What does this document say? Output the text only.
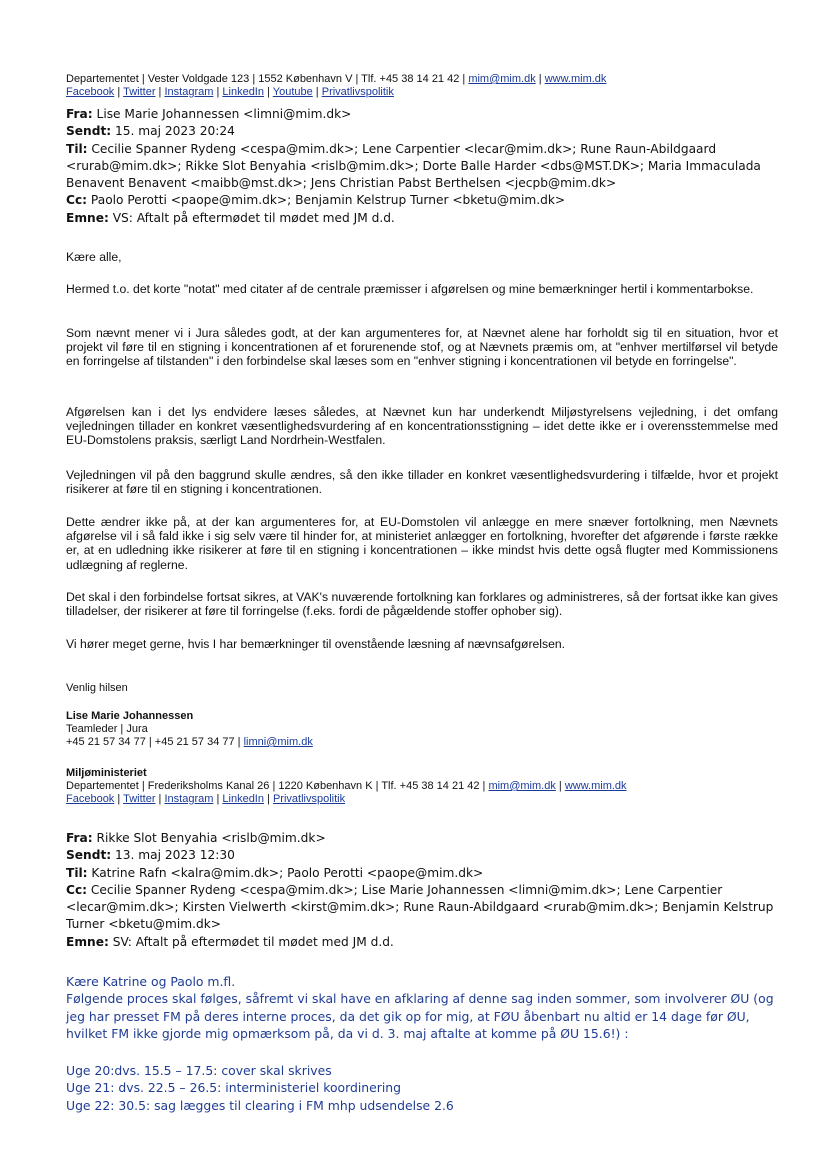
Departementet | Vester Voldgade 123 | 1552 København V | Tlf. +45 38 14 21 42 | mim@mim.dk | www.mim.dk
Facebook | Twitter | Instagram | LinkedIn | Youtube | Privatlivspolitik
Fra: Lise Marie Johannessen <limni@mim.dk>
Sendt: 15. maj 2023 20:24
Til: Cecilie Spanner Rydeng <cespa@mim.dk>; Lene Carpentier <lecar@mim.dk>; Rune Raun-Abildgaard <rurab@mim.dk>; Rikke Slot Benyahia <rislb@mim.dk>; Dorte Balle Harder <dbs@MST.DK>; Maria Immaculada Benavent Benavent <maibb@mst.dk>; Jens Christian Pabst Berthelsen <jecpb@mim.dk>
Cc: Paolo Perotti <paope@mim.dk>; Benjamin Kelstrup Turner <bketu@mim.dk>
Emne: VS: Aftalt på eftermødet til mødet med JM d.d.

Kære alle,

Hermed t.o. det korte "notat" med citater af de centrale præmisser i afgørelsen og mine bemærkninger hertil i kommentarbokse.

Som nævnt mener vi i Jura således godt, at der kan argumenteres for, at Nævnet alene har forholdt sig til en situation, hvor et projekt vil føre til en stigning i koncentrationen af et forurenende stof, og at Nævnets præmis om, at "enhver mertilførsel vil betyde en forringelse af tilstanden" i den forbindelse skal læses som en "enhver stigning i koncentrationen vil betyde en forringelse".

Afgørelsen kan i det lys endvidere læses således, at Nævnet kun har underkendt Miljøstyrelsens vejledning, i det omfang vejledningen tillader en konkret væsentlighedsvurdering af en koncentrationsstigning – idet dette ikke er i overensstemmelse med EU-Domstolens praksis, særligt Land Nordrhein-Westfalen.

Vejledningen vil på den baggrund skulle ændres, så den ikke tillader en konkret væsentlighedsvurdering i tilfælde, hvor et projekt risikerer at føre til en stigning i koncentrationen.

Dette ændrer ikke på, at der kan argumenteres for, at EU-Domstolen vil anlægge en mere snæver fortolkning, men Nævnets afgørelse vil i så fald ikke i sig selv være til hinder for, at ministeriet anlægger en fortolkning, hvorefter det afgørende i første række er, at en udledning ikke risikerer at føre til en stigning i koncentrationen – ikke mindst hvis dette også flugter med Kommissionens udlægning af reglerne.

Det skal i den forbindelse fortsat sikres, at VAK's nuværende fortolkning kan forklares og administreres, så der fortsat ikke kan gives tilladelser, der risikerer at føre til forringelse (f.eks. fordi de pågældende stoffer ophober sig).

Vi hører meget gerne, hvis I har bemærkninger til ovenstående læsning af nævnsafgørelsen.

Venlig hilsen
Lise Marie Johannessen
Teamleder | Jura
+45 21 57 34 77 | +45 21 57 34 77 | limni@mim.dk
Miljøministeriet
Departementet | Frederiksholms Kanal 26 | 1220 København K | Tlf. +45 38 14 21 42 | mim@mim.dk | www.mim.dk
Facebook | Twitter | Instagram | LinkedIn | Privatlivspolitik
Fra: Rikke Slot Benyahia <rislb@mim.dk>
Sendt: 13. maj 2023 12:30
Til: Katrine Rafn <kalra@mim.dk>; Paolo Perotti <paope@mim.dk>
Cc: Cecilie Spanner Rydeng <cespa@mim.dk>; Lise Marie Johannessen <limni@mim.dk>; Lene Carpentier <lecar@mim.dk>; Kirsten Vielwerth <kirst@mim.dk>; Rune Raun-Abildgaard <rurab@mim.dk>; Benjamin Kelstrup Turner <bketu@mim.dk>
Emne: SV: Aftalt på eftermødet til mødet med JM d.d.
Kære Katrine og Paolo m.fl.
Følgende proces skal følges, såfremt vi skal have en afklaring af denne sag inden sommer, som involverer ØU (og jeg har presset FM på deres interne proces, da det gik op for mig, at FØU åbenbart nu altid er 14 dage før ØU, hvilket FM ikke gjorde mig opmærksom på, da vi d. 3. maj aftalte at komme på ØU 15.6!) :
Uge 20:dvs. 15.5 – 17.5: cover skal skrives
Uge 21: dvs. 22.5 – 26.5: interministeriel koordinering
Uge 22: 30.5: sag lægges til clearing i FM mhp udsendelse 2.6
